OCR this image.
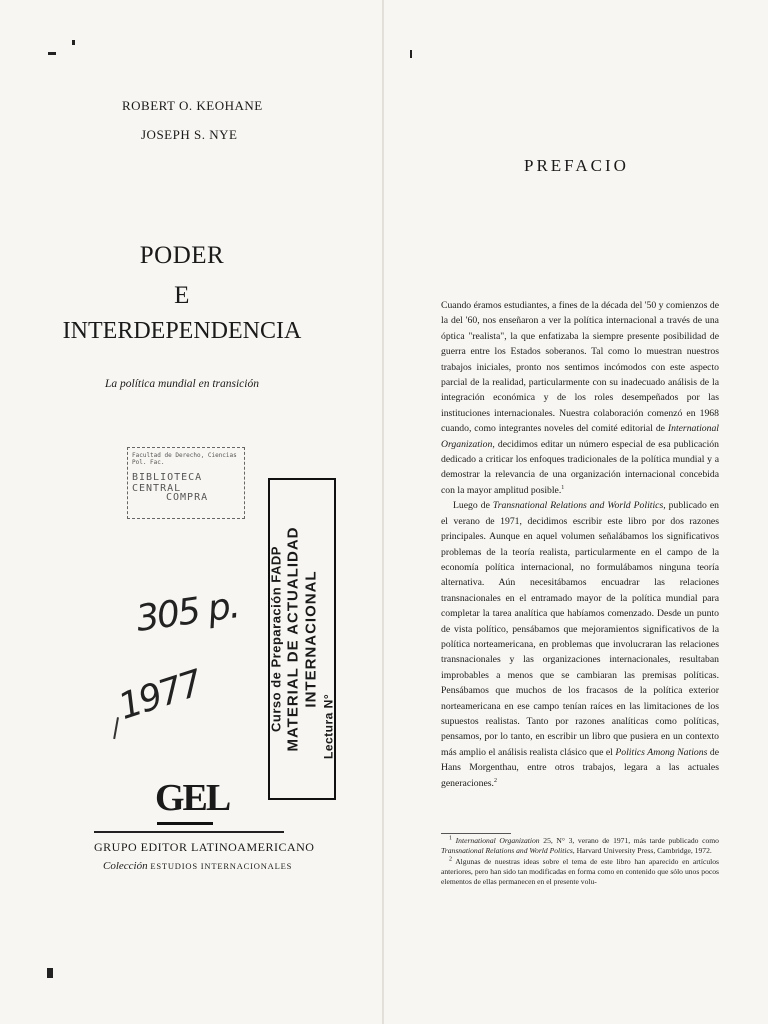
ROBERT O. KEOHANE
JOSEPH S. NYE
PODER
E
INTERDEPENDENCIA
La política mundial en transición
Facultad de Derecho, Ciencias Pol. Fac.
BIBLIOTECA CENTRAL
COMPRA
Curso de Preparación FADP MATERIAL DE ACTUALIDAD INTERNACIONAL
Lectura N°
305 p.
1977
GEL
GRUPO EDITOR LATINOAMERICANO
Colección ESTUDIOS INTERNACIONALES
PREFACIO

Cuando éramos estudiantes, a fines de la década del '50 y comienzos de la del '60, nos enseñaron a ver la política internacional a través de una óptica "realista", la que enfatizaba la siempre presente posibilidad de guerra entre los Estados soberanos. Tal como lo muestran nuestros trabajos iniciales, pronto nos sentimos incómodos con este aspecto parcial de la realidad, particularmente con su inadecuado análisis de la integración económica y de los roles desempeñados por las instituciones internacionales. Nuestra colaboración comenzó en 1968 cuando, como integrantes noveles del comité editorial de International Organization, decidimos editar un número especial de esa publicación dedicado a criticar los enfoques tradicionales de la política mundial y a demostrar la relevancia de una organización internacional concebida con la mayor amplitud posible.$^1$

Luego de Transnational Relations and World Politics, publicado en el verano de 1971, decidimos escribir este libro por dos razones principales. Aunque en aquel volumen señalábamos los significativos problemas de la teoría realista, particularmente en el campo de la economía política internacional, no formulábamos ninguna teoría alternativa. Aún necesitábamos encuadrar las relaciones transnacionales en el entramado mayor de la política mundial para completar la tarea analítica que habíamos comenzado. Desde un punto de vista político, pensábamos que mejoramientos significativos de la política norteamericana, en problemas que involucraran las relaciones transnacionales y las organizaciones internacionales, resultaban improbables a menos que se cambiaran las premisas políticas. Pensábamos que muchos de los fracasos de la política exterior norteamericana en ese campo tenían raíces en las limitaciones de los supuestos realistas. Tanto por razones analíticas como políticas, pensamos, por lo tanto, en escribir un libro que pusiera en un contexto más amplio el análisis realista clásico que el Politics Among Nations de Hans Morgenthau, entre otros trabajos, legara a las actuales generaciones.$^2$

$^1$ International Organization 25, N° 3, verano de 1971, más tarde publicado como Transnational Relations and World Politics, Harvard University Press, Cambridge, 1972.

$^2$ Algunas de nuestras ideas sobre el tema de este libro han aparecido en artículos anteriores, pero han sido tan modificadas en forma como en contenido que sólo unos pocos elementos de ellas permanecen en el presente volu-
